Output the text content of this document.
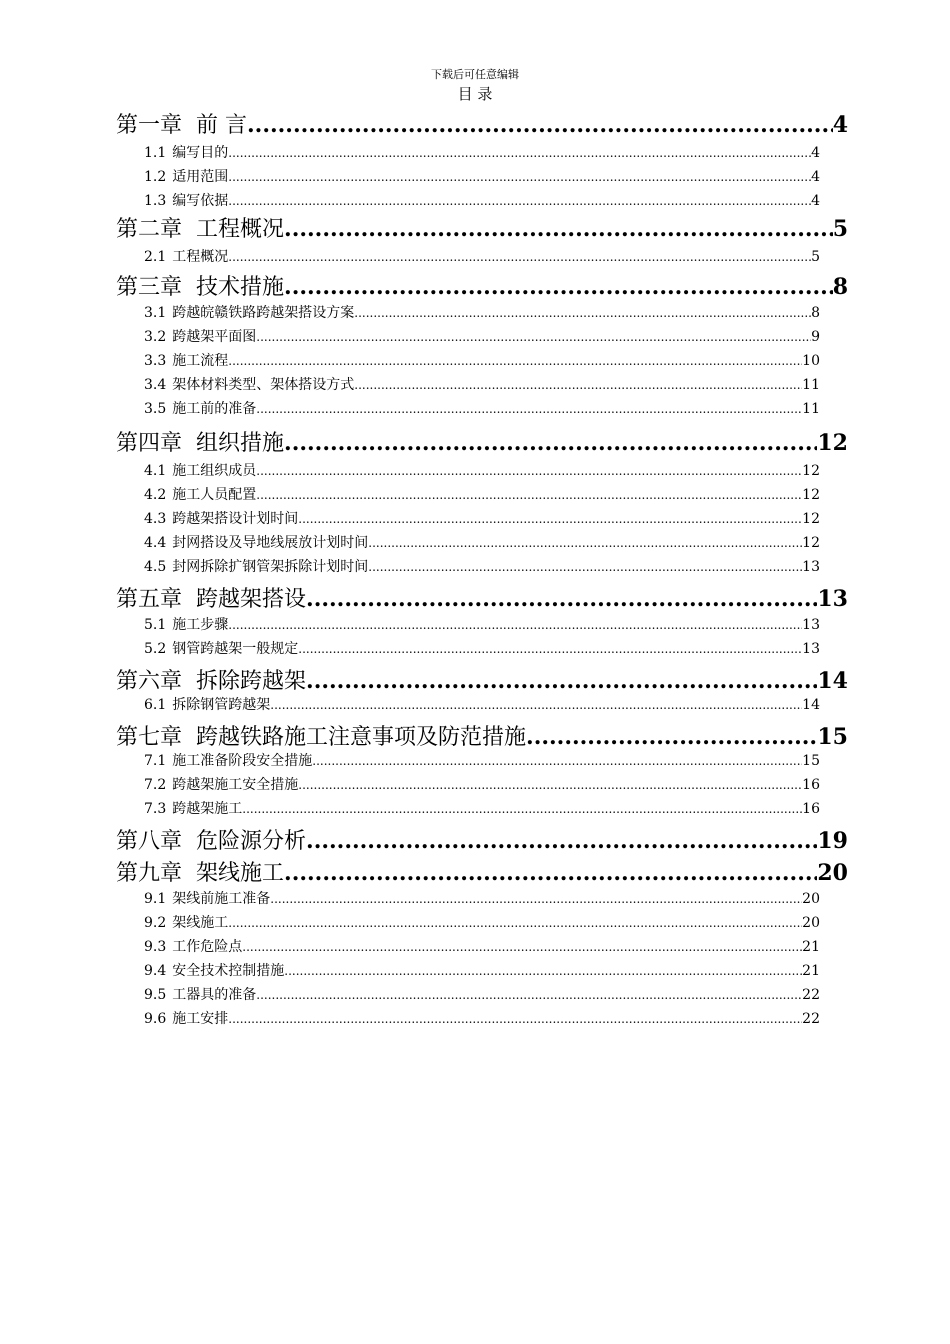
下载后可任意编辑
目 录
第一章 前 言 .....	4
1.1 编写目的 .....	4
1.2 适用范围 .....	4
1.3 编写依据 .....	4
第二章 工程概况 .....	5
2.1 工程概况 .....	5
第三章 技术措施 .....	8
3.1 跨越皖赣铁路跨越架搭设方案 .....	8
3.2 跨越架平面图 .....	9
3.3 施工流程 .....	10
3.4 架体材料类型、架体搭设方式 .....	11
3.5 施工前的准备 .....	11
第四章 组织措施 .....	12
4.1 施工组织成员 .....	12
4.2 施工人员配置 .....	12
4.3 跨越架搭设计划时间 .....	12
4.4 封网搭设及导地线展放计划时间 .....	12
4.5 封网拆除扩钢管架拆除计划时间 .....	13
第五章 跨越架搭设 .....	13
5.1 施工步骤 .....	13
5.2 钢管跨越架一般规定 .....	13
第六章 拆除跨越架 .....	14
6.1 拆除钢管跨越架 .....	14
第七章 跨越铁路施工注意事项及防范措施 .....	15
7.1 施工准备阶段安全措施 .....	15
7.2 跨越架施工安全措施 .....	16
7.3 跨越架施工 .....	16
第八章 危险源分析 .....	19
第九章 架线施工 .....	20
9.1 架线前施工准备 .....	20
9.2 架线施工 .....	20
9.3 工作危险点 .....	21
9.4 安全技术控制措施 .....	21
9.5 工器具的准备 .....	22
9.6 施工安排 .....	22
